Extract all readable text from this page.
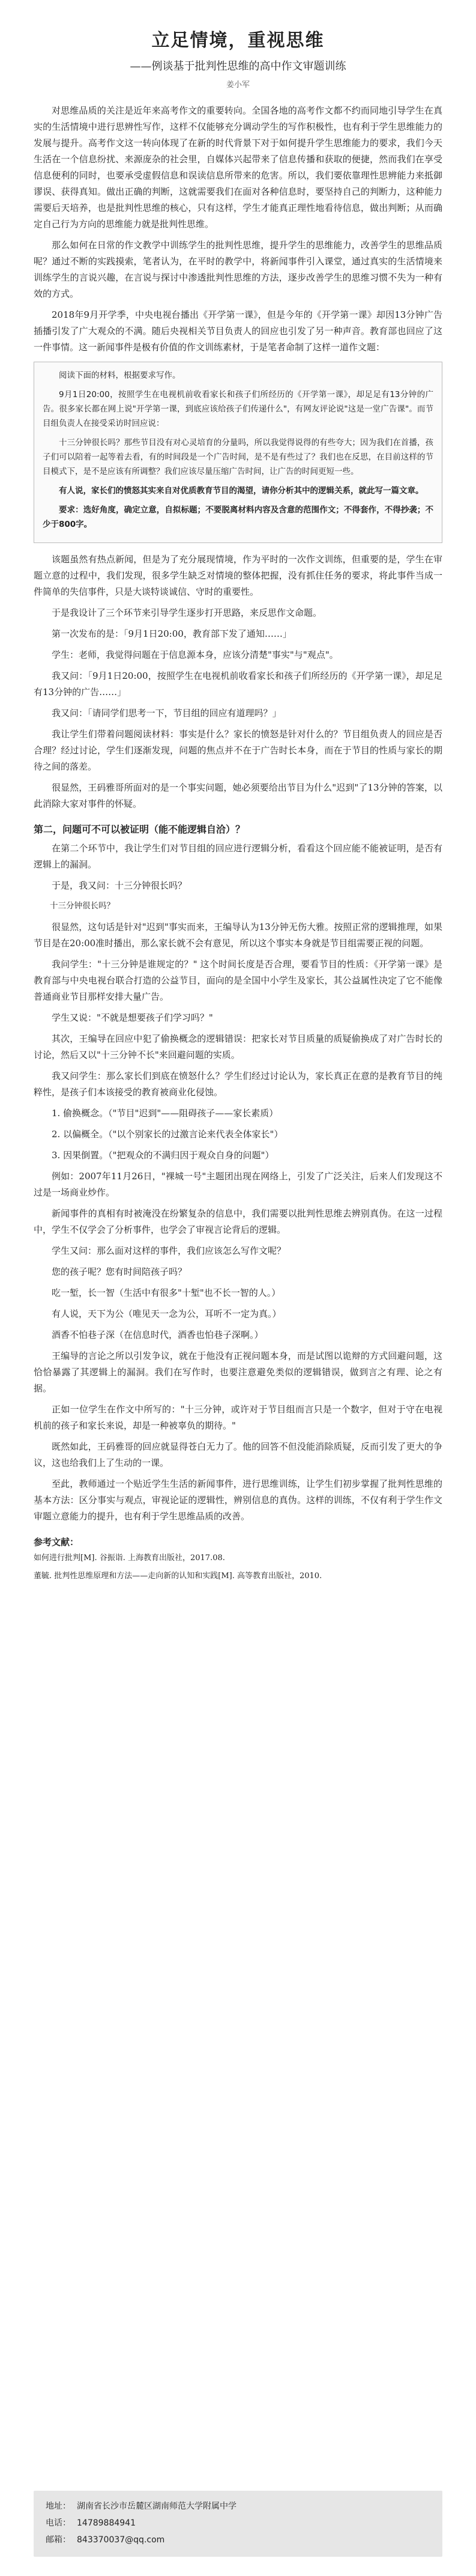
立足情境，重视思维
——例谈基于批判性思维的高中作文审题训练
姜小军

对思维品质的关注是近年来高考作文的重要转向。全国各地的高考作文都不约而同地引导学生在真实的生活情境中进行思辨性写作，这样不仅能够充分调动学生的写作积极性，也有利于学生思维能力的发展与提升。高考作文这一转向体现了在新的时代背景下对于如何提升学生思维能力的要求，我们今天生活在一个信息纷扰、来源庞杂的社会里，自媒体兴起带来了信息传播和获取的便捷，然而我们在享受信息便利的同时，也要承受虚假信息和误读信息所带来的危害。所以，我们要依靠理性思辨能力来抵御谬误、获得真知。做出正确的判断，这就需要我们在面对各种信息时，要坚持自己的判断力，这种能力需要后天培养，也是批判性思维的核心，只有这样，学生才能真正理性地看待信息，做出判断；从而确定自己行为方向的思维能力就是批判性思维。

那么如何在日常的作文教学中训练学生的批判性思维，提升学生的思维能力，改善学生的思维品质呢？通过不断的实践摸索，笔者认为，在平时的教学中，将新闻事件引入课堂，通过真实的生活情境来训练学生的言说兴趣，在言说与探讨中渗透批判性思维的方法，逐步改善学生的思维习惯不失为一种有效的方式。

2018年9月开学季，中央电视台播出《开学第一课》，但是今年的《开学第一课》却因13分钟广告插播引发了广大观众的不满。随后央视相关节目负责人的回应也引发了另一种声音。教育部也回应了这一件事情。这一新闻事件是极有价值的作文训练素材，于是笔者命制了这样一道作文题：

阅读下面的材料，根据要求写作。

9月1日20:00，按照学生在电视机前收看家长和孩子们所经历的《开学第一课》，却足足有13分钟的广告。很多家长都在网上说"开学第一课，到底应该给孩子们传递什么"，有网友评论说"这是一堂广告课"。而节目组负责人在接受采访时回应说：

十三分钟很长吗？那些节目没有对心灵培育的分量吗，所以我觉得说得的有些夸大；因为我们在首播，孩子们可以陪着一起等着去看，有的时间段是一个广告时间，是不是有些过了？我们也在反思，在目前这样的节目模式下，是不是应该有所调整？我们应该尽量压缩广告时间，让广告的时间更短一些。

有人说，家长们的愤怒其实来自对优质教育节目的渴望，请你分析其中的逻辑关系，就此写一篇文章。

要求：选好角度，确定立意，自拟标题；不要脱离材料内容及含意的范围作文；不得套作，不得抄袭；不少于800字。

该题虽然有热点新闻，但是为了充分展现情境，作为平时的一次作文训练，但重要的是，学生在审题立意的过程中，我们发现，很多学生缺乏对情境的整体把握，没有抓住任务的要求，将此事件当成一件简单的失信事件，只是大谈特谈诚信、守时的重要性。

于是我设计了三个环节来引导学生逐步打开思路，来反思作文命题。

第一次发布的是：「9月1日20:00，教育部下发了通知……」

学生：老师，我觉得问题在于信息源本身，应该分清楚"事实"与"观点"。

我又问：「9月1日20:00，按照学生在电视机前收看家长和孩子们所经历的《开学第一课》，却足足有13分钟的广告……」

我又问：「请同学们思考一下，节目组的回应有道理吗？」

我让学生们带着问题阅读材料：事实是什么？家长的愤怒是针对什么的？节目组负责人的回应是否合理？经过讨论，学生们逐渐发现，问题的焦点并不在于广告时长本身，而在于节目的性质与家长的期待之间的落差。

很显然，王码雅哥所面对的是一个事实问题，她必须要给出节目为什么"迟到"了13分钟的答案，以此消除大家对事件的怀疑。

第二，问题可不可以被证明（能不能逻辑自洽）？

在第二个环节中，我让学生们对节目组的回应进行逻辑分析，看看这个回应能不能被证明，是否有逻辑上的漏洞。

于是，我又问：十三分钟很长吗？

十三分钟很长吗？

很显然，这句话是针对"迟到"事实而来，王编导认为13分钟无伤大雅。按照正常的逻辑推理，如果节目是在20:00准时播出，那么家长就不会有意见，所以这个事实本身就是节目组需要正视的问题。

我问学生："十三分钟是谁规定的？" 这个时间长度是否合理，要看节目的性质：《开学第一课》是教育部与中央电视台联合打造的公益节目，面向的是全国中小学生及家长，其公益属性决定了它不能像普通商业节目那样安排大量广告。

学生又说："不就是想要孩子们学习吗？"

其次，王编导在回应中犯了偷换概念的逻辑错误：把家长对节目质量的质疑偷换成了对广告时长的讨论，然后又以"十三分钟不长"来回避问题的实质。

我又问学生：那么家长们到底在愤怒什么？学生们经过讨论认为，家长真正在意的是教育节目的纯粹性，是孩子们本该接受的教育被商业化侵蚀。

1. 偷换概念。（"节目"迟到"——阻碍孩子——家长素质）

2. 以偏概全。（"以个别家长的过激言论来代表全体家长"）

3. 因果倒置。（"把观众的不满归因于观众自身的问题"）

例如：2007年11月26日，"裸城一号"主题团出现在网络上，引发了广泛关注，后来人们发现这不过是一场商业炒作。

新闻事件的真相有时被淹没在纷繁复杂的信息中，我们需要以批判性思维去辨别真伪。在这一过程中，学生不仅学会了分析事件，也学会了审视言论背后的逻辑。

学生又问：那么面对这样的事件，我们应该怎么写作文呢？

您的孩子呢？您有时间陪孩子吗？

吃一堑，长一智（生活中有很多"十堑"也不长一智的人。）

有人说，天下为公（唯见天一念为公，耳听不一定为真。）

酒香不怕巷子深（在信息时代，酒香也怕巷子深啊。）

王编导的言论之所以引发争议，就在于他没有正视问题本身，而是试图以诡辩的方式回避问题，这恰恰暴露了其逻辑上的漏洞。我们在写作时，也要注意避免类似的逻辑错误，做到言之有理、论之有据。

正如一位学生在作文中所写的："十三分钟，或许对于节目组而言只是一个数字，但对于守在电视机前的孩子和家长来说，却是一种被辜负的期待。"

既然如此，王码雅哥的回应就显得苍白无力了。他的回答不但没能消除质疑，反而引发了更大的争议，这也给我们上了生动的一课。

至此，教师通过一个贴近学生生活的新闻事件，进行思维训练，让学生们初步掌握了批判性思维的基本方法：区分事实与观点，审视论证的逻辑性，辨别信息的真伪。这样的训练，不仅有利于学生作文审题立意能力的提升，也有利于学生思维品质的改善。

参考文献：

如何进行批判[M]. 谷振诣. 上海教育出版社，2017.08.

董毓. 批判性思维原理和方法——走向新的认知和实践[M]. 高等教育出版社，2010.

地址： 湖南省长沙市岳麓区湖南师范大学附属中学
电话： 14789884941
邮箱： 843370037@qq.com
